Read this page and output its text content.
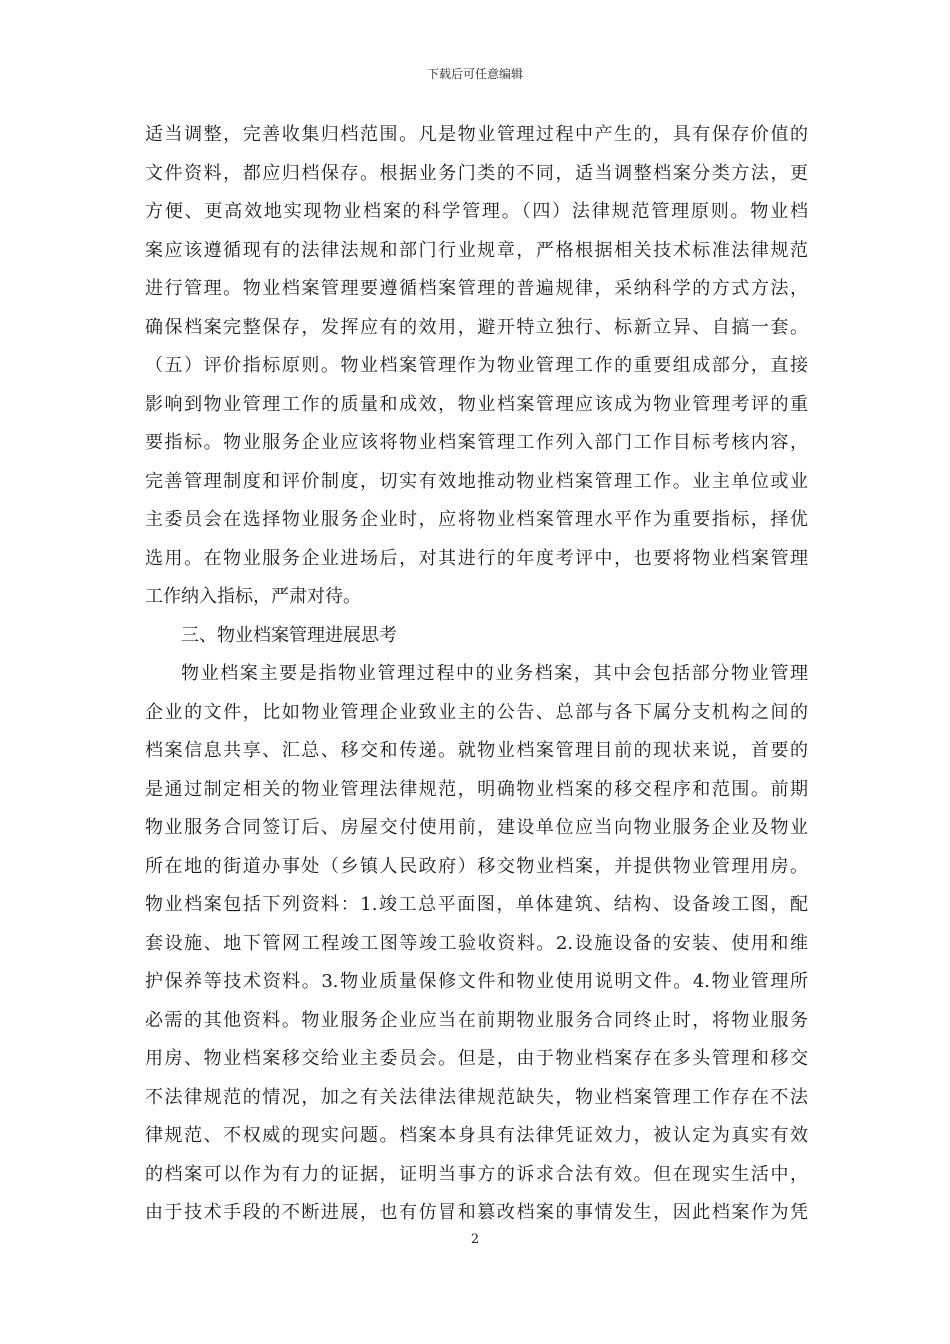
下载后可任意编辑
适当调整，完善收集归档范围。凡是物业管理过程中产生的，具有保存价值的
文件资料，都应归档保存。根据业务门类的不同，适当调整档案分类方法，更
方便、更高效地实现物业档案的科学管理。（四）法律规范管理原则。物业档
案应该遵循现有的法律法规和部门行业规章，严格根据相关技术标准法律规范
进行管理。物业档案管理要遵循档案管理的普遍规律，采纳科学的方式方法，
确保档案完整保存，发挥应有的效用，避开特立独行、标新立异、自搞一套。
（五）评价指标原则。物业档案管理作为物业管理工作的重要组成部分，直接
影响到物业管理工作的质量和成效，物业档案管理应该成为物业管理考评的重
要指标。物业服务企业应该将物业档案管理工作列入部门工作目标考核内容，
完善管理制度和评价制度，切实有效地推动物业档案管理工作。业主单位或业
主委员会在选择物业服务企业时，应将物业档案管理水平作为重要指标，择优
选用。在物业服务企业进场后，对其进行的年度考评中，也要将物业档案管理
工作纳入指标，严肃对待。
三、物业档案管理进展思考
物业档案主要是指物业管理过程中的业务档案，其中会包括部分物业管理
企业的文件，比如物业管理企业致业主的公告、总部与各下属分支机构之间的
档案信息共享、汇总、移交和传递。就物业档案管理目前的现状来说，首要的
是通过制定相关的物业管理法律规范，明确物业档案的移交程序和范围。前期
物业服务合同签订后、房屋交付使用前，建设单位应当向物业服务企业及物业
所在地的街道办事处（乡镇人民政府）移交物业档案，并提供物业管理用房。
物业档案包括下列资料：1.竣工总平面图，单体建筑、结构、设备竣工图，配
套设施、地下管网工程竣工图等竣工验收资料。2.设施设备的安装、使用和维
护保养等技术资料。3.物业质量保修文件和物业使用说明文件。4.物业管理所
必需的其他资料。物业服务企业应当在前期物业服务合同终止时，将物业服务
用房、物业档案移交给业主委员会。但是，由于物业档案存在多头管理和移交
不法律规范的情况，加之有关法律法律规范缺失，物业档案管理工作存在不法
律规范、不权威的现实问题。档案本身具有法律凭证效力，被认定为真实有效
的档案可以作为有力的证据，证明当事方的诉求合法有效。但在现实生活中，
由于技术手段的不断进展，也有仿冒和篡改档案的事情发生，因此档案作为凭
2
